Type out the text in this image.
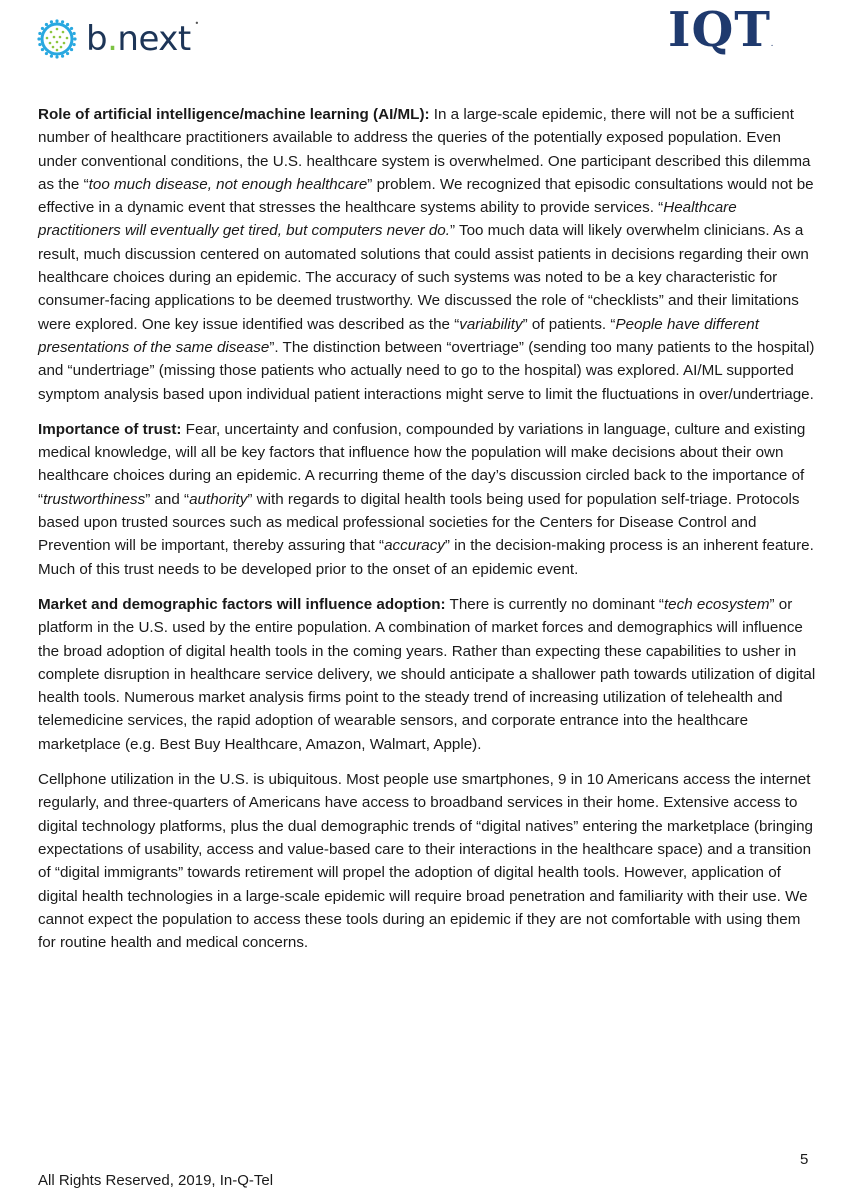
b.next •	IQT.

Role of artificial intelligence/machine learning (AI/ML): In a large-scale epidemic, there will not be a sufficient number of healthcare practitioners available to address the queries of the potentially exposed population. Even under conventional conditions, the U.S. healthcare system is overwhelmed. One participant described this dilemma as the “too much disease, not enough healthcare” problem. We recognized that episodic consultations would not be effective in a dynamic event that stresses the healthcare systems ability to provide services. “Healthcare practitioners will eventually get tired, but computers never do.” Too much data will likely overwhelm clinicians. As a result, much discussion centered on automated solutions that could assist patients in decisions regarding their own healthcare choices during an epidemic. The accuracy of such systems was noted to be a key characteristic for consumer-facing applications to be deemed trustworthy. We discussed the role of “checklists” and their limitations were explored. One key issue identified was described as the “variability” of patients. “People have different presentations of the same disease”. The distinction between “overtriage” (sending too many patients to the hospital) and “undertriage” (missing those patients who actually need to go to the hospital) was explored. AI/ML supported symptom analysis based upon individual patient interactions might serve to limit the fluctuations in over/undertriage.

Importance of trust: Fear, uncertainty and confusion, compounded by variations in language, culture and existing medical knowledge, will all be key factors that influence how the population will make decisions about their own healthcare choices during an epidemic. A recurring theme of the day’s discussion circled back to the importance of “trustworthiness” and “authority” with regards to digital health tools being used for population self-triage. Protocols based upon trusted sources such as medical professional societies for the Centers for Disease Control and Prevention will be important, thereby assuring that “accuracy” in the decision-making process is an inherent feature. Much of this trust needs to be developed prior to the onset of an epidemic event.

Market and demographic factors will influence adoption: There is currently no dominant “tech ecosystem” or platform in the U.S. used by the entire population. A combination of market forces and demographics will influence the broad adoption of digital health tools in the coming years. Rather than expecting these capabilities to usher in complete disruption in healthcare service delivery, we should anticipate a shallower path towards utilization of digital health tools. Numerous market analysis firms point to the steady trend of increasing utilization of telehealth and telemedicine services, the rapid adoption of wearable sensors, and corporate entrance into the healthcare marketplace (e.g. Best Buy Healthcare, Amazon, Walmart, Apple).

Cellphone utilization in the U.S. is ubiquitous. Most people use smartphones, 9 in 10 Americans access the internet regularly, and three-quarters of Americans have access to broadband services in their home. Extensive access to digital technology platforms, plus the dual demographic trends of “digital natives” entering the marketplace (bringing expectations of usability, access and value-based care to their interactions in the healthcare space) and a transition of “digital immigrants” towards retirement will propel the adoption of digital health tools. However, application of digital health technologies in a large-scale epidemic will require broad penetration and familiarity with their use. We cannot expect the population to access these tools during an epidemic if they are not comfortable with using them for routine health and medical concerns.

5
All Rights Reserved, 2019, In-Q-Tel
